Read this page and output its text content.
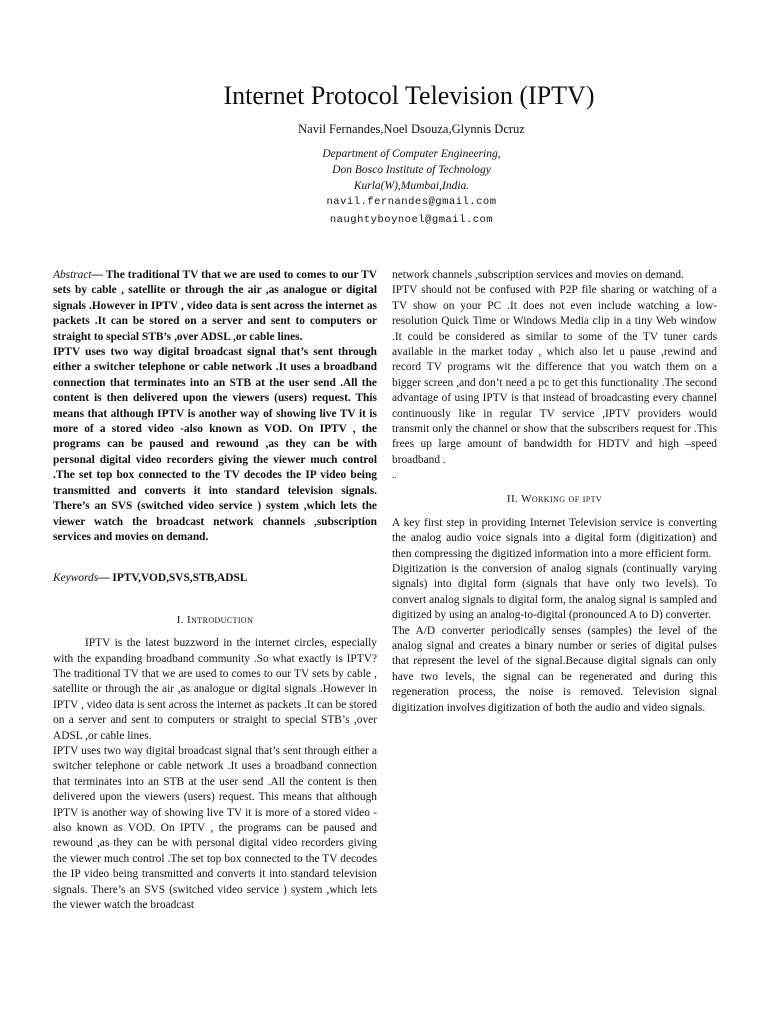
Internet Protocol Television (IPTV)
Navil Fernandes,Noel Dsouza,Glynnis Dcruz
Department of Computer Engineering,
Don Bosco Institute of Technology
Kurla(W),Mumbai,India.
navil.fernandes@gmail.com
naughtyboynoel@gmail.com

Abstract— The traditional TV that we are used to comes to our TV sets by cable , satellite or through the air ,as analogue or digital signals .However in IPTV , video data is sent across the internet as packets .It can be stored on a server and sent to computers or straight to special STB’s ,over ADSL ,or cable lines.

IPTV uses two way digital broadcast signal that’s sent through either a switcher telephone or cable network .It uses a broadband connection that terminates into an STB at the user send .All the content is then delivered upon the viewers (users) request. This means that although IPTV is another way of showing live TV it is more of a stored video -also known as VOD. On IPTV , the programs can be paused and rewound ,as they can be with personal digital video recorders giving the viewer much control .The set top box connected to the TV decodes the IP video being transmitted and converts it into standard television signals. There’s an SVS (switched video service ) system ,which lets the viewer watch the broadcast network channels ,subscription services and movies on demand.

Keywords— IPTV,VOD,SVS,STB,ADSL

I. Introduction

IPTV is the latest buzzword in the internet circles, especially with the expanding broadband community .So what exactly is IPTV? The traditional TV that we are used to comes to our TV sets by cable , satellite or through the air ,as analogue or digital signals .However in IPTV , video data is sent across the internet as packets .It can be stored on a server and sent to computers or straight to special STB’s ,over ADSL ,or cable lines.

IPTV uses two way digital broadcast signal that’s sent through either a switcher telephone or cable network .It uses a broadband connection that terminates into an STB at the user send .All the content is then delivered upon the viewers (users) request. This means that although IPTV is another way of showing live TV it is more of a stored video -also known as VOD. On IPTV , the programs can be paused and rewound ,as they can be with personal digital video recorders giving the viewer much control .The set top box connected to the TV decodes the IP video being transmitted and converts it into standard television signals. There’s an SVS (switched video service ) system ,which lets the viewer watch the broadcast

network channels ,subscription services and movies on demand.

IPTV should not be confused with P2P file sharing or watching of a TV show on your PC .It does not even include watching a low-resolution Quick Time or Windows Media clip in a tiny Web window .It could be considered as similar to some of the TV tuner cards available in the market today , which also let u pause ,rewind and record TV programs wit the difference that you watch them on a bigger screen ,and don’t need a pc to get this functionality .The second advantage of using IPTV is that instead of broadcasting every channel continuously like in regular TV service ,IPTV providers would transmit only the channel or show that the subscribers request for .This frees up large amount of bandwidth for HDTV and high –speed broadband .

..

II. Working of iptv

A key first step in providing Internet Television service is converting the analog audio voice signals into a digital form (digitization) and then compressing the digitized information into a more efficient form.

Digitization is the conversion of analog signals (continually varying signals) into digital form (signals that have only two levels). To convert analog signals to digital form, the analog signal is sampled and digitized by using an analog-to-digital (pronounced A to D) converter.

The A/D converter periodically senses (samples) the level of the analog signal and creates a binary number or series of digital pulses that represent the level of the signal.Because digital signals can only have two levels, the signal can be regenerated and during this regeneration process, the noise is removed. Television signal digitization involves digitization of both the audio and video signals.
